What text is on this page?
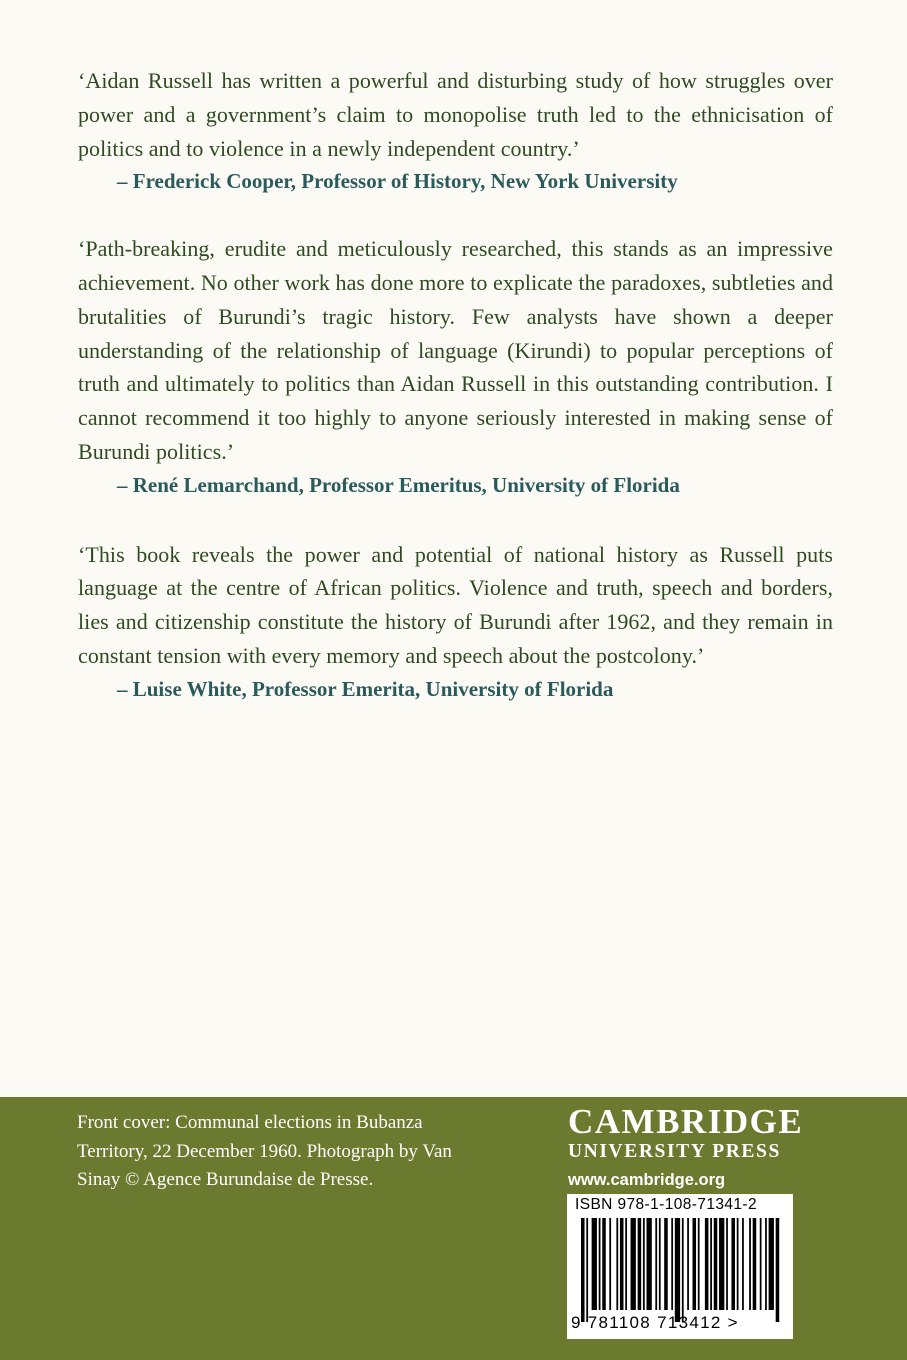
‘Aidan Russell has written a powerful and disturbing study of how struggles over power and a government’s claim to monopolise truth led to the ethnicisation of politics and to violence in a newly independent country.’

– Frederick Cooper, Professor of History, New York University

‘Path-breaking, erudite and meticulously researched, this stands as an impressive achievement. No other work has done more to explicate the paradoxes, subtleties and brutalities of Burundi’s tragic history. Few analysts have shown a deeper understanding of the relationship of language (Kirundi) to popular perceptions of truth and ultimately to politics than Aidan Russell in this outstanding contribution. I cannot recommend it too highly to anyone seriously interested in making sense of Burundi politics.’

– René Lemarchand, Professor Emeritus, University of Florida

‘This book reveals the power and potential of national history as Russell puts language at the centre of African politics. Violence and truth, speech and borders, lies and citizenship constitute the history of Burundi after 1962, and they remain in constant tension with every memory and speech about the postcolony.’

– Luise White, Professor Emerita, University of Florida

Front cover: Communal elections in Bubanza Territory, 22 December 1960. Photograph by Van Sinay © Agence Burundaise de Presse.
CAMBRIDGE
UNIVERSITY PRESS
www.cambridge.org
ISBN 978-1-108-71341-2
9 781108 713412 >
